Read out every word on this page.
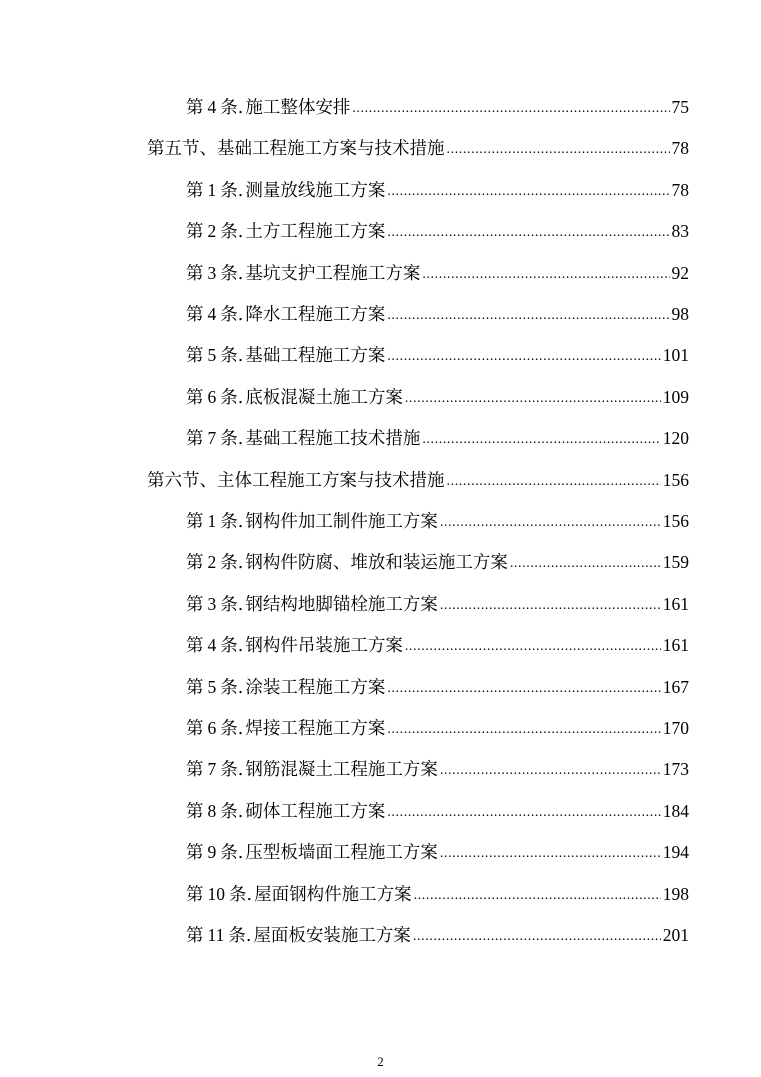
第 4 条. 施工整体安排 .....	75
第五节、基础工程施工方案与技术措施 .....	78
第 1 条. 测量放线施工方案 .....	78
第 2 条. 土方工程施工方案 .....	83
第 3 条. 基坑支护工程施工方案 .....	92
第 4 条. 降水工程施工方案 .....	98
第 5 条. 基础工程施工方案 .....	101
第 6 条. 底板混凝土施工方案 .....	109
第 7 条. 基础工程施工技术措施 .....	120
第六节、主体工程施工方案与技术措施 .....	156
第 1 条. 钢构件加工制件施工方案 .....	156
第 2 条. 钢构件防腐、堆放和装运施工方案 .....	159
第 3 条. 钢结构地脚锚栓施工方案 .....	161
第 4 条. 钢构件吊装施工方案 .....	161
第 5 条. 涂装工程施工方案 .....	167
第 6 条. 焊接工程施工方案 .....	170
第 7 条. 钢筋混凝土工程施工方案 .....	173
第 8 条. 砌体工程施工方案 .....	184
第 9 条. 压型板墙面工程施工方案 .....	194
第 10 条. 屋面钢构件施工方案 .....	198
第 11 条. 屋面板安装施工方案 .....	201
2
